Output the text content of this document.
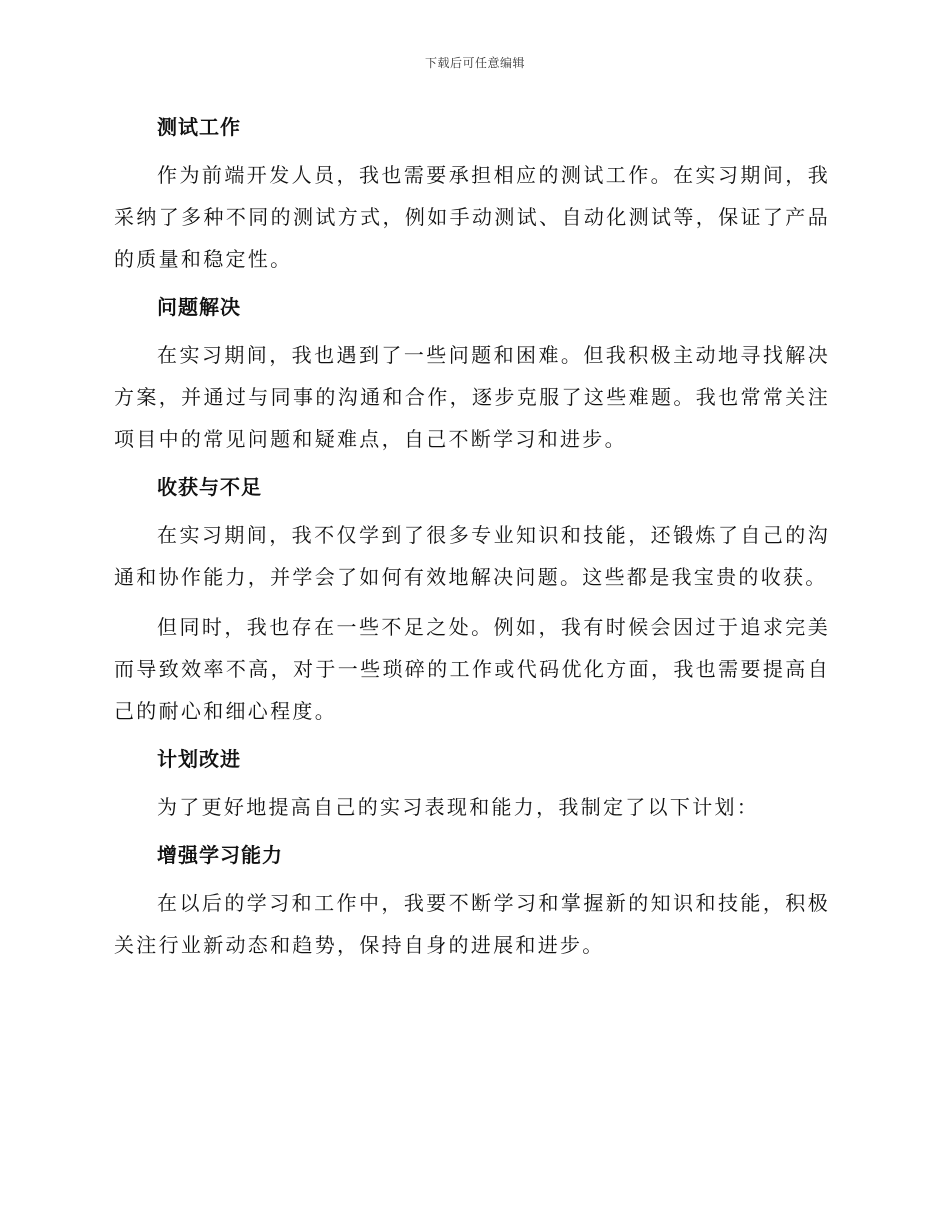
下载后可任意编辑
测试工作

作为前端开发人员，我也需要承担相应的测试工作。在实习期间，我采纳了多种不同的测试方式，例如手动测试、自动化测试等，保证了产品的质量和稳定性。

问题解决

在实习期间，我也遇到了一些问题和困难。但我积极主动地寻找解决方案，并通过与同事的沟通和合作，逐步克服了这些难题。我也常常关注项目中的常见问题和疑难点，自己不断学习和进步。

收获与不足

在实习期间，我不仅学到了很多专业知识和技能，还锻炼了自己的沟通和协作能力，并学会了如何有效地解决问题。这些都是我宝贵的收获。

但同时，我也存在一些不足之处。例如，我有时候会因过于追求完美而导致效率不高，对于一些琐碎的工作或代码优化方面，我也需要提高自己的耐心和细心程度。

计划改进

为了更好地提高自己的实习表现和能力，我制定了以下计划：

增强学习能力

在以后的学习和工作中，我要不断学习和掌握新的知识和技能，积极关注行业新动态和趋势，保持自身的进展和进步。
